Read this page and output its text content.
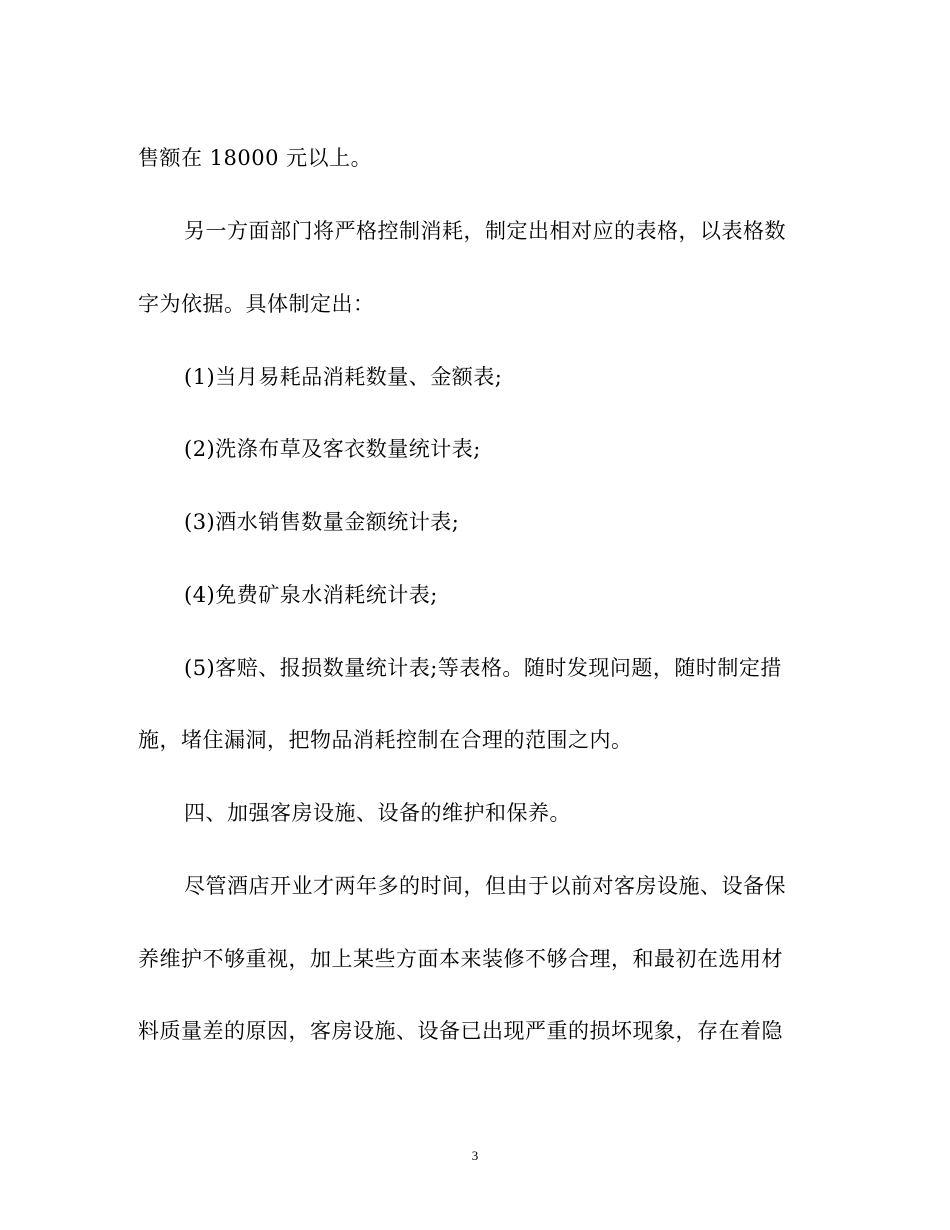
售额在 18000 元以上。
另一方面部门将严格控制消耗，制定出相对应的表格，以表格数
字为依据。具体制定出：
(1)当月易耗品消耗数量、金额表;
(2)洗涤布草及客衣数量统计表;
(3)酒水销售数量金额统计表;
(4)免费矿泉水消耗统计表;
(5)客赔、报损数量统计表;等表格。随时发现问题，随时制定措
施，堵住漏洞，把物品消耗控制在合理的范围之内。
四、加强客房设施、设备的维护和保养。
尽管酒店开业才两年多的时间，但由于以前对客房设施、设备保
养维护不够重视，加上某些方面本来装修不够合理，和最初在选用材
料质量差的原因，客房设施、设备已出现严重的损坏现象，存在着隐
3
